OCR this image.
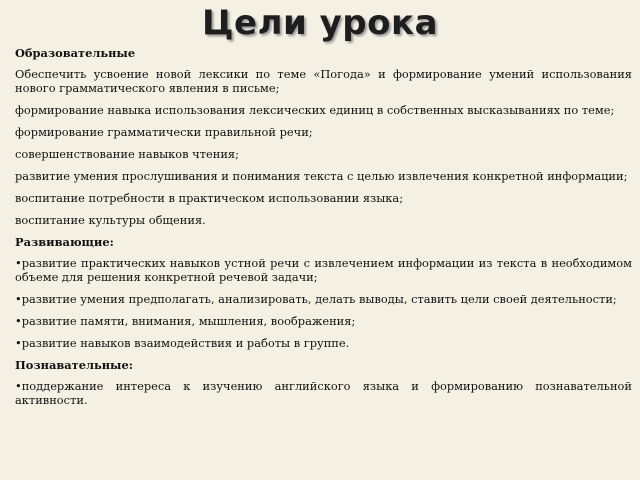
Цели урока

Образовательные

Обеспечить усвоение новой лексики по теме «Погода» и формирование умений использования нового грамматического явления в письме;

формирование навыка использования лексических единиц в собственных высказываниях по теме;

формирование грамматически правильной речи;

совершенствование навыков чтения;

развитие умения прослушивания и понимания текста с целью извлечения конкретной информации;

воспитание потребности в практическом использовании языка;

воспитание культуры общения.

Развивающие:

•развитие практических навыков устной речи с извлечением информации из текста в необходимом объеме для решения конкретной речевой задачи;

•развитие умения предполагать, анализировать, делать выводы, ставить цели своей деятельности;

•развитие памяти, внимания, мышления, воображения;

•развитие навыков взаимодействия и работы в группе.

Познавательные:

•поддержание интереса к изучению английского языка и формированию познавательной активности.
